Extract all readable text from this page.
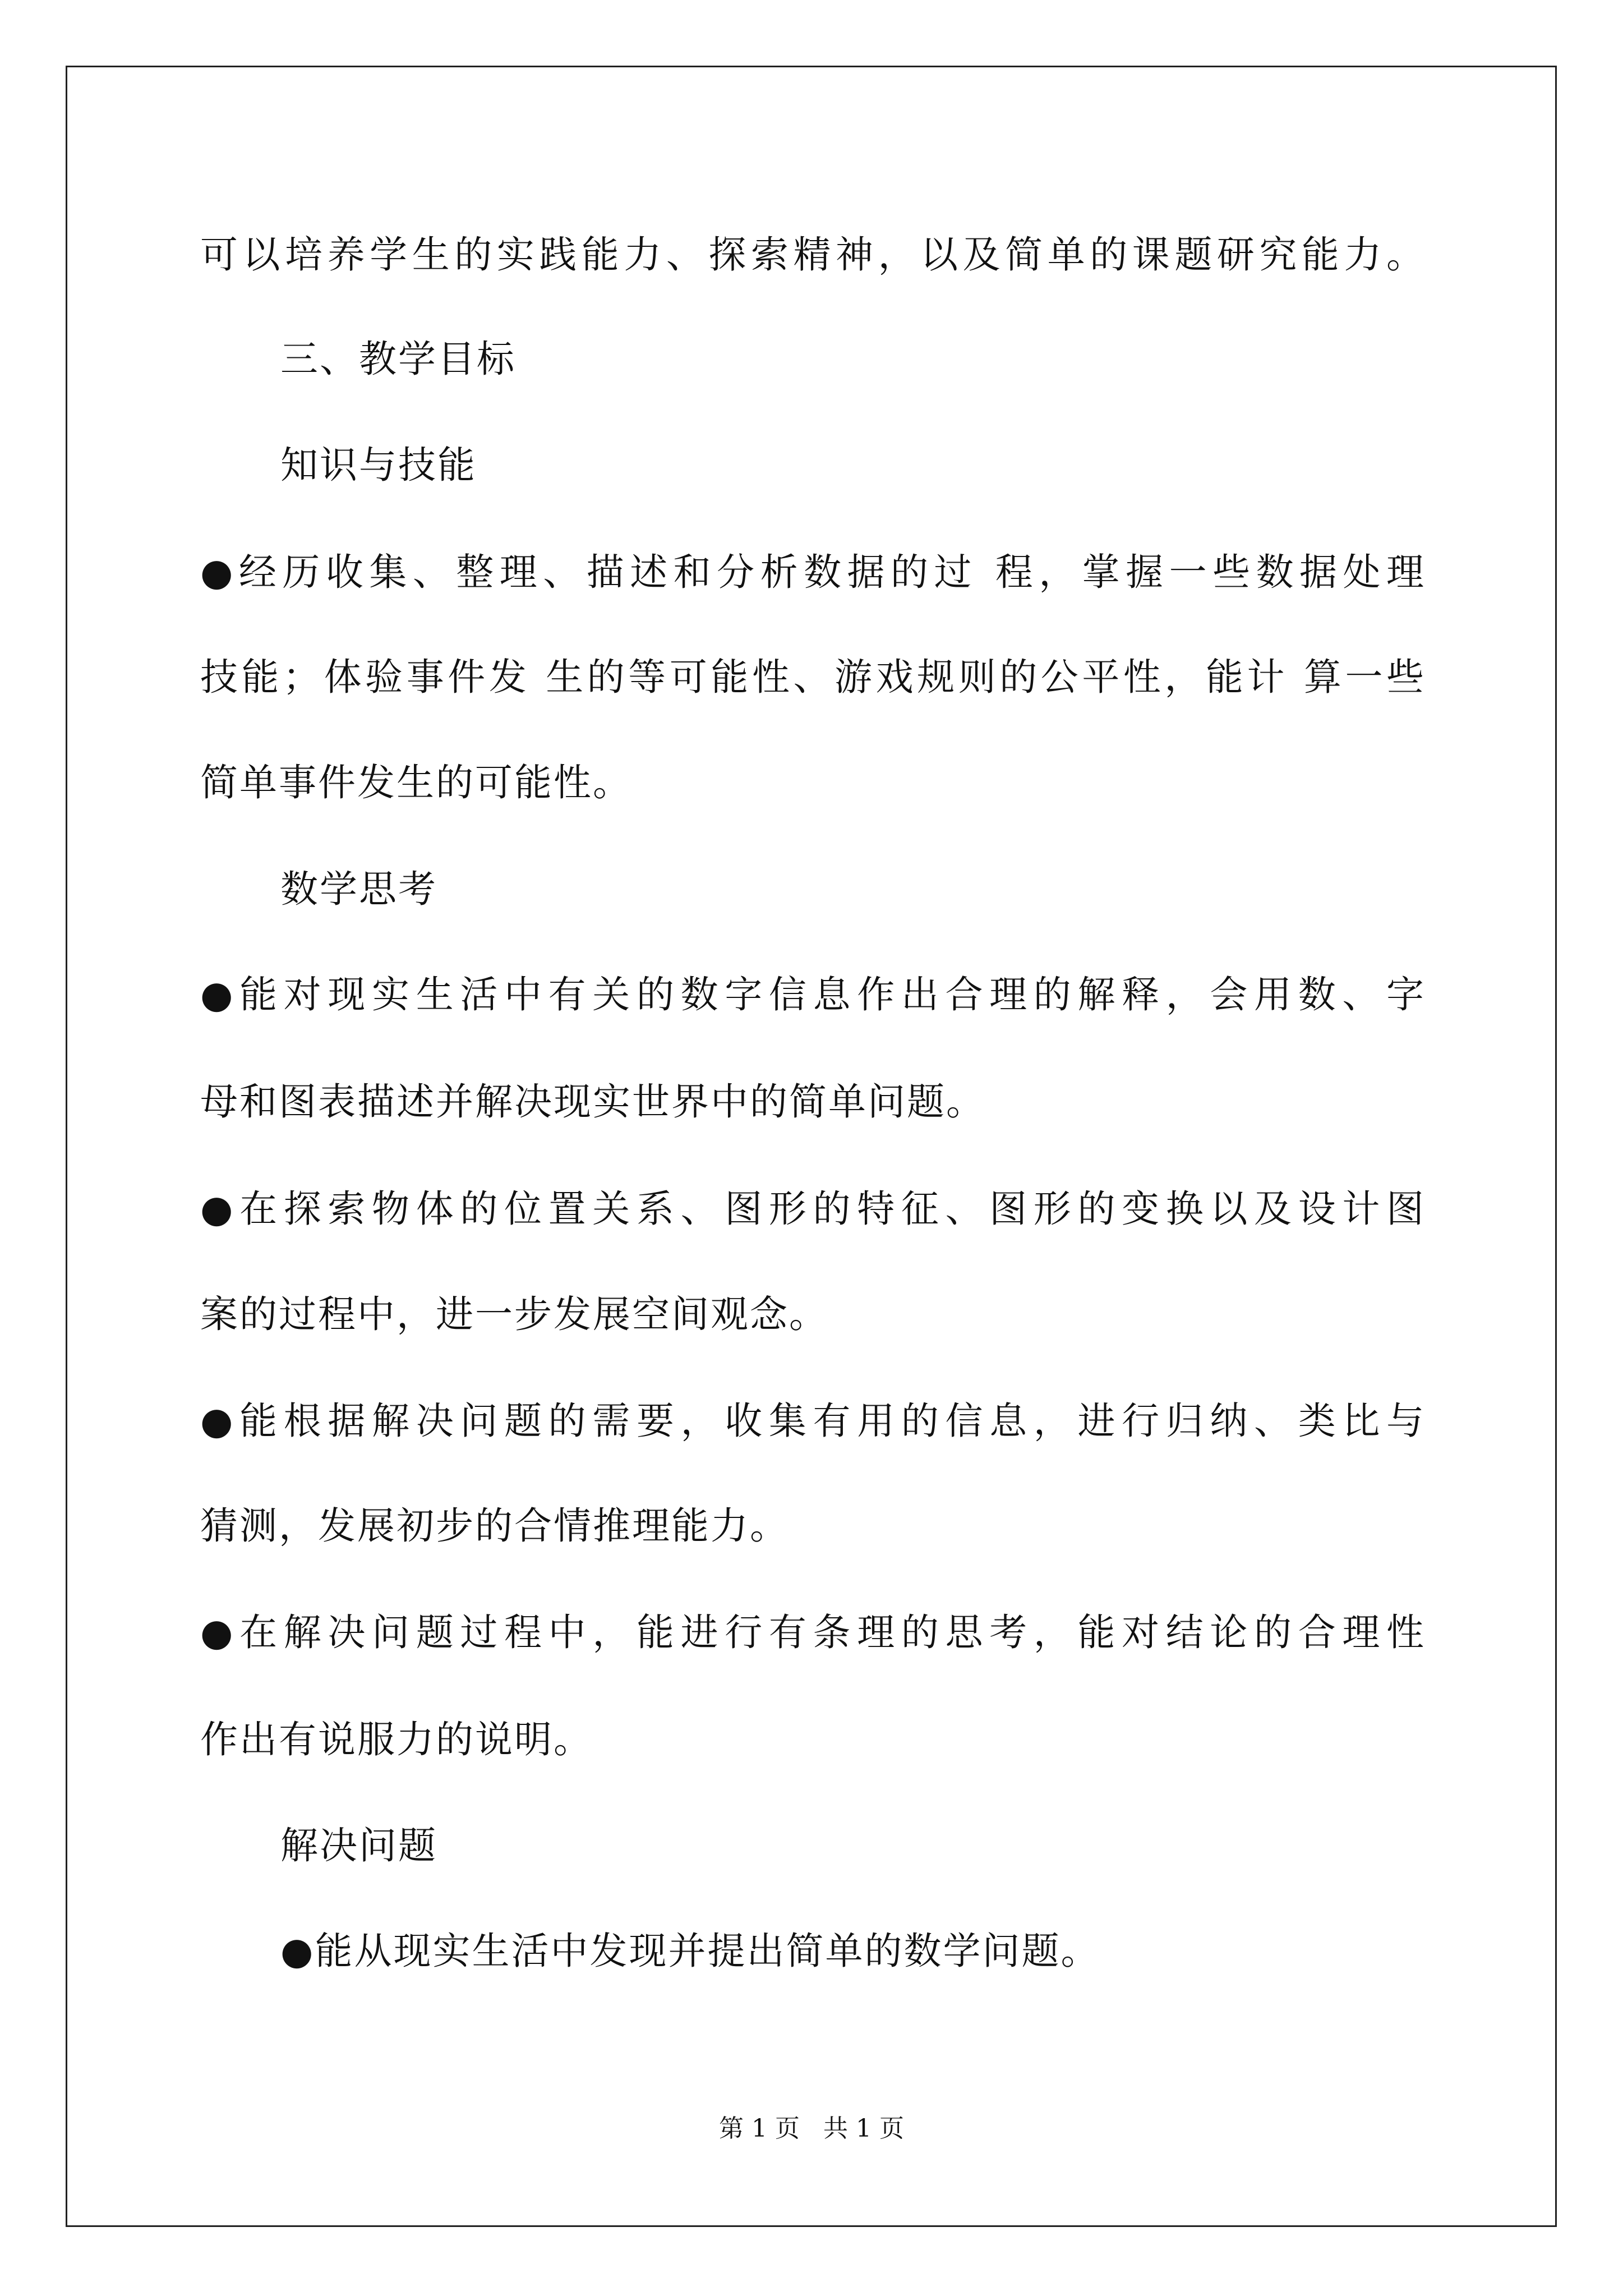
可以培养学生的实践能力、探索精神，以及简单的课题研究能力。
三、教学目标
知识与技能
●经历收集、整理、描述和分析数据的过 程，掌握一些数据处理
技能；体验事件发 生的等可能性、游戏规则的公平性，能计 算一些
简单事件发生的可能性。
数学思考
●能对现实生活中有关的数字信息作出合理的解释，会用数、字
母和图表描述并解决现实世界中的简单问题。
●在探索物体的位置关系、图形的特征、图形的变换以及设计图
案的过程中，进一步发展空间观念。
●能根据解决问题的需要，收集有用的信息，进行归纳、类比与
猜测，发展初步的合情推理能力。
●在解决问题过程中，能进行有条理的思考，能对结论的合理性
作出有说服力的说明。
解决问题
●能从现实生活中发现并提出简单的数学问题。
第 1 页   共 1 页
